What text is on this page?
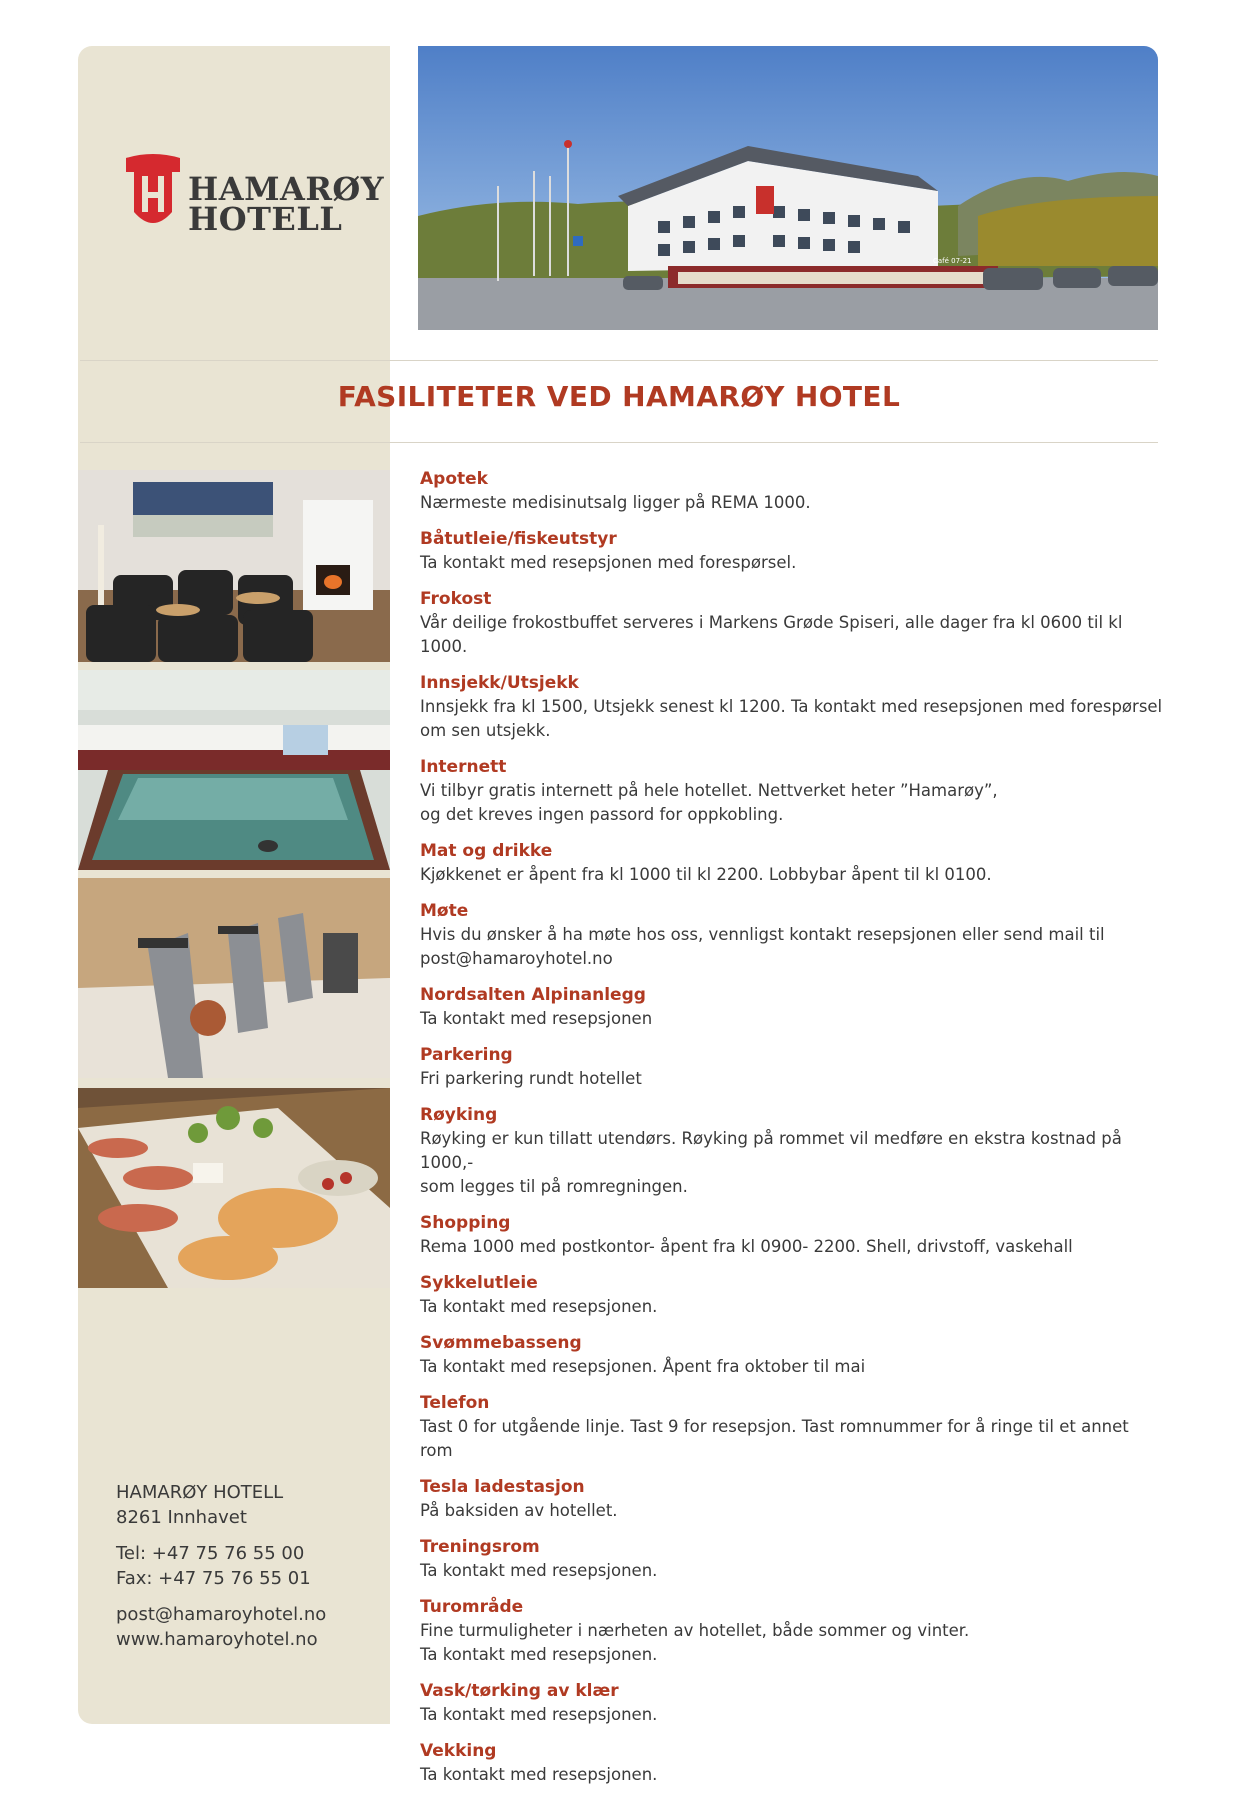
HAMARØY
HOTELL
Café 07-21
FASILITETER VED HAMARØY HOTEL
HAMARØY HOTELL
8261 Innhavet
Tel: +47 75 76 55 00
Fax: +47 75 76 55 01
post@hamaroyhotel.no
www.hamaroyhotel.no
Apotek

Nærmeste medisinutsalg ligger på REMA 1000.

Båtutleie/fiskeutstyr

Ta kontakt med resepsjonen med forespørsel.

Frokost

Vår deilige frokostbuffet serveres i Markens Grøde Spiseri, alle dager fra kl 0600 til kl 1000.

Innsjekk/Utsjekk

Innsjekk fra kl 1500, Utsjekk senest kl 1200. Ta kontakt med resepsjonen med forespørsel

om sen utsjekk.

Internett

Vi tilbyr gratis internett på hele hotellet. Nettverket heter ”Hamarøy”,

og det kreves ingen passord for oppkobling.

Mat og drikke

Kjøkkenet er åpent fra kl 1000 til kl 2200. Lobbybar åpent til kl 0100.

Møte

Hvis du ønsker å ha møte hos oss, vennligst kontakt resepsjonen eller send mail til

post@hamaroyhotel.no

Nordsalten Alpinanlegg

Ta kontakt med resepsjonen

Parkering

Fri parkering rundt hotellet

Røyking

Røyking er kun tillatt utendørs. Røyking på rommet vil medføre en ekstra kostnad på 1000,-

som legges til på romregningen.

Shopping

Rema 1000 med postkontor- åpent fra kl 0900- 2200. Shell, drivstoff, vaskehall

Sykkelutleie

Ta kontakt med resepsjonen.

Svømmebasseng

Ta kontakt med resepsjonen. Åpent fra oktober til mai

Telefon

Tast 0 for utgående linje. Tast 9 for resepsjon. Tast romnummer for å ringe til et annet rom

Tesla ladestasjon

På baksiden av hotellet.

Treningsrom

Ta kontakt med resepsjonen.

Turområde

Fine turmuligheter i nærheten av hotellet, både sommer og vinter.

Ta kontakt med resepsjonen.

Vask/tørking av klær

Ta kontakt med resepsjonen.

Vekking

Ta kontakt med resepsjonen.
